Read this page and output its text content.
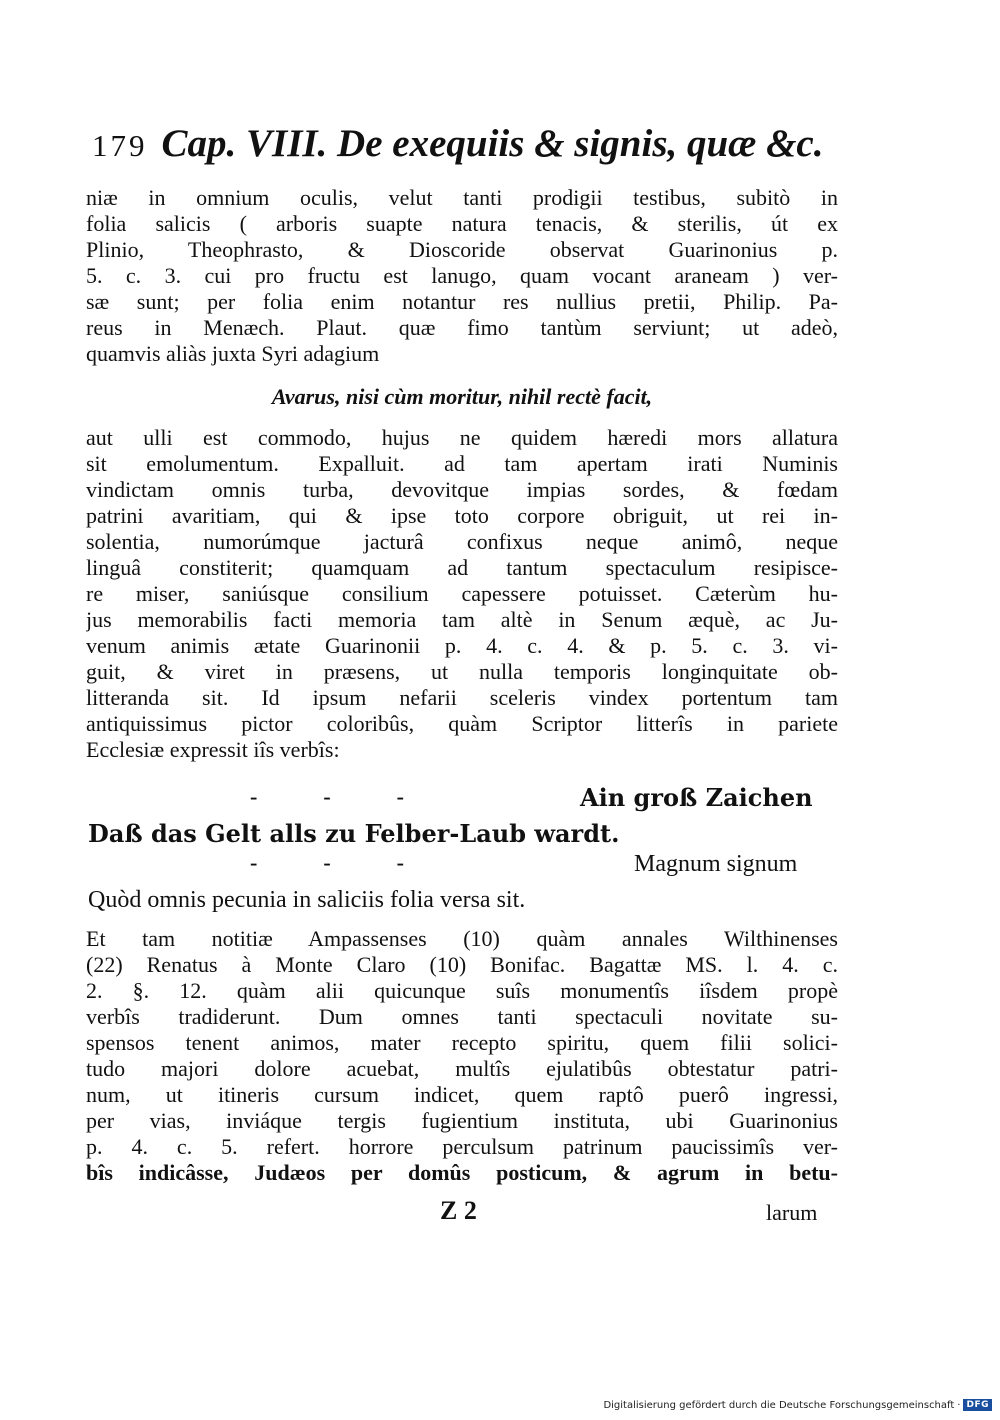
179 Cap. VIII. De exequiis & signis, quæ &c.
niæ in omnium oculis, velut tanti prodigii testibus, subitò in
folia salicis ( arboris suapte natura tenacis, & sterilis, út ex
Plinio, Theophrasto, & Dioscoride observat Guarinonius p.
5. c. 3. cui pro fructu est lanugo, quam vocant araneam ) ver-
sæ sunt; per folia enim notantur res nullius pretii, Philip. Pa-
reus in Menæch. Plaut. quæ fimo tantùm serviunt; ut adeò,
quamvis aliàs juxta Syri adagium
Avarus, nisi cùm moritur, nihil rectè facit,
aut ulli est commodo, hujus ne quidem hæredi mors allatura
sit emolumentum. Expalluit. ad tam apertam irati Numinis
vindictam omnis turba, devovitque impias sordes, & fœdam
patrini avaritiam, qui & ipse toto corpore obriguit, ut rei in-
solentia, numorúmque jacturâ confixus neque animô, neque
linguâ constiterit; quamquam ad tantum spectaculum resipisce-
re miser, saniúsque consilium capessere potuisset. Cæterùm hu-
jus memorabilis facti memoria tam altè in Senum æquè, ac Ju-
venum animis ætate Guarinonii p. 4. c. 4. & p. 5. c. 3. vi-
guit, & viret in præsens, ut nulla temporis longinquitate ob-
litteranda sit. Id ipsum nefarii sceleris vindex portentum tam
antiquissimus pictor coloribûs, quàm Scriptor litterîs in pariete
Ecclesiæ expressit iîs verbîs:
-            -            -	Ain groß Zaichen
Daß das Gelt alls zu Felber-Laub wardt.
-            -            -	Magnum signum
Quòd omnis pecunia in saliciis folia versa sit.
Et tam notitiæ Ampassenses (10) quàm annales Wilthinenses
(22) Renatus à Monte Claro (10) Bonifac. Bagattæ MS. l. 4. c.
2. §. 12. quàm alii quicunque suîs monumentîs iîsdem propè
verbîs tradiderunt. Dum omnes tanti spectaculi novitate su-
spensos tenent animos, mater recepto spiritu, quem filii solici-
tudo majori dolore acuebat, multîs ejulatibûs obtestatur patri-
num, ut itineris cursum indicet, quem raptô puerô ingressi,
per vias, inviáque tergis fugientium instituta, ubi Guarinonius
p. 4. c. 5. refert. horrore perculsum patrinum paucissimîs ver-
bîs indicâsse, Judæos per domûs posticum, & agrum in betu-
Z 2	larum
Digitalisierung gefördert durch die Deutsche Forschungsgemeinschaft · DFG
